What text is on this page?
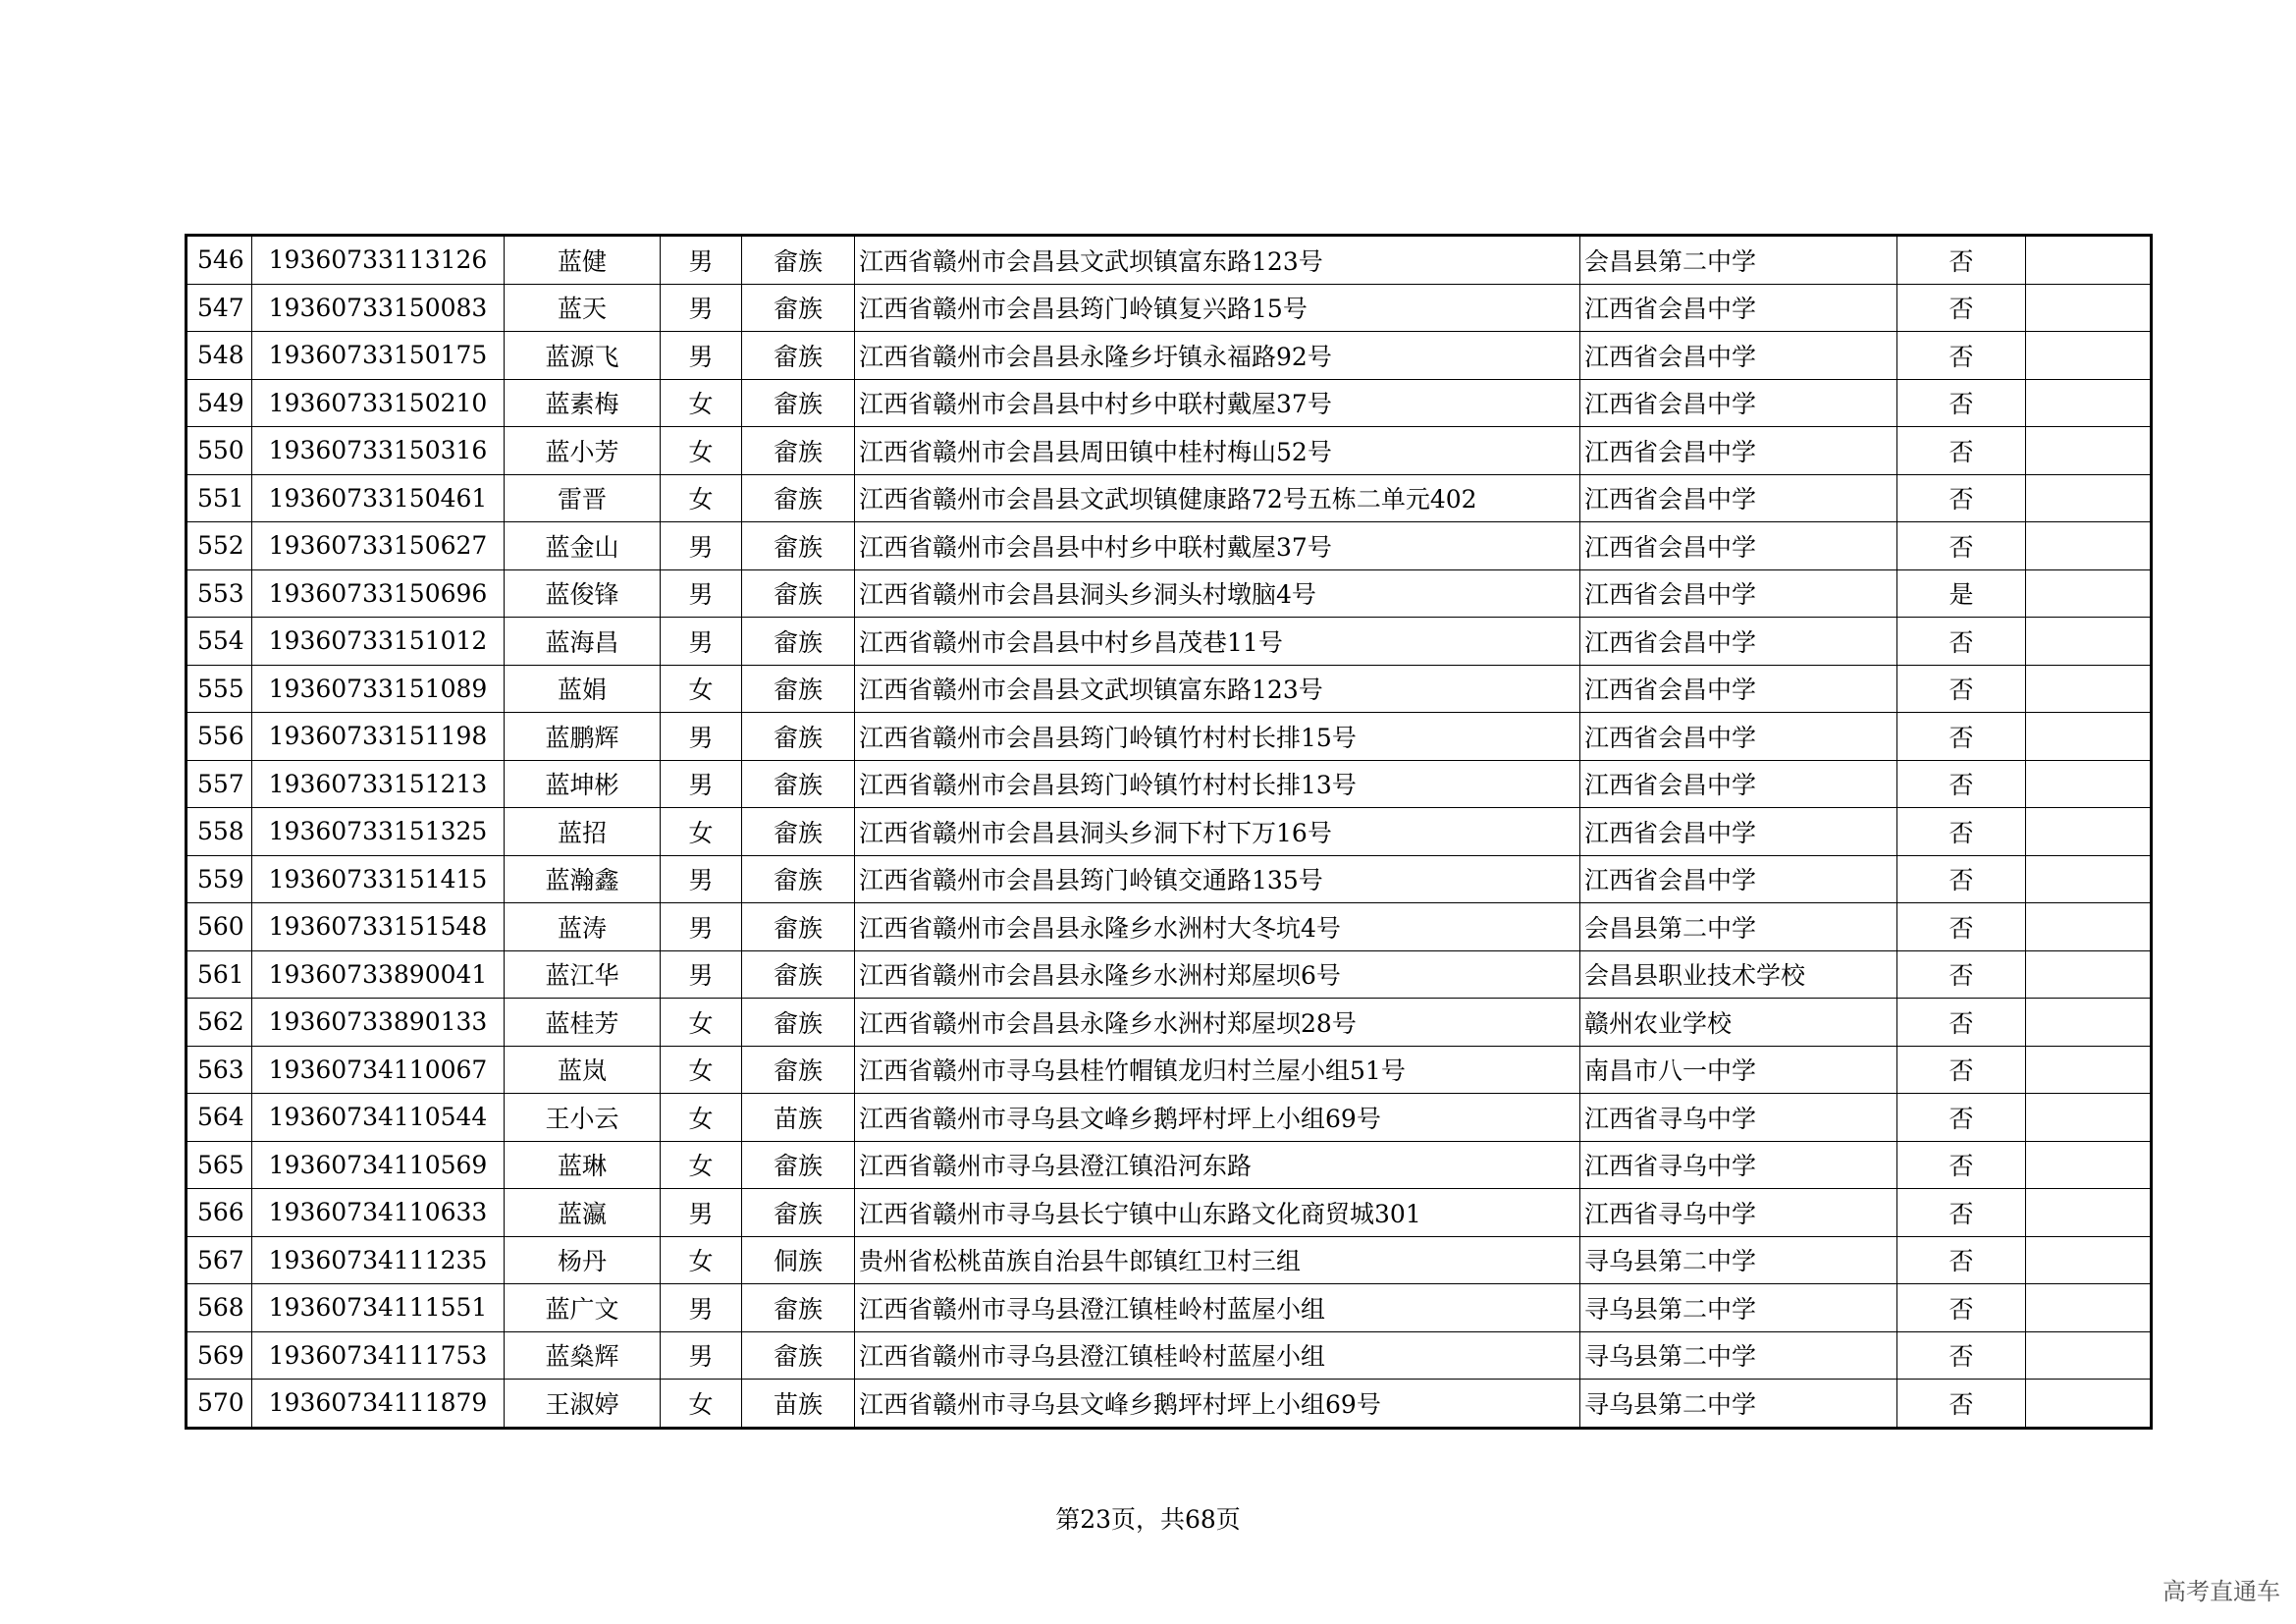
546	19360733113126	蓝健	男	畲族	江西省赣州市会昌县文武坝镇富东路123号	会昌县第二中学	否	
547	19360733150083	蓝天	男	畲族	江西省赣州市会昌县筠门岭镇复兴路15号	江西省会昌中学	否	
548	19360733150175	蓝源飞	男	畲族	江西省赣州市会昌县永隆乡圩镇永福路92号	江西省会昌中学	否	
549	19360733150210	蓝素梅	女	畲族	江西省赣州市会昌县中村乡中联村戴屋37号	江西省会昌中学	否	
550	19360733150316	蓝小芳	女	畲族	江西省赣州市会昌县周田镇中桂村梅山52号	江西省会昌中学	否	
551	19360733150461	雷晋	女	畲族	江西省赣州市会昌县文武坝镇健康路72号五栋二单元402	江西省会昌中学	否	
552	19360733150627	蓝金山	男	畲族	江西省赣州市会昌县中村乡中联村戴屋37号	江西省会昌中学	否	
553	19360733150696	蓝俊锋	男	畲族	江西省赣州市会昌县洞头乡洞头村墩脑4号	江西省会昌中学	是	
554	19360733151012	蓝海昌	男	畲族	江西省赣州市会昌县中村乡昌茂巷11号	江西省会昌中学	否	
555	19360733151089	蓝娟	女	畲族	江西省赣州市会昌县文武坝镇富东路123号	江西省会昌中学	否	
556	19360733151198	蓝鹏辉	男	畲族	江西省赣州市会昌县筠门岭镇竹村村长排15号	江西省会昌中学	否	
557	19360733151213	蓝坤彬	男	畲族	江西省赣州市会昌县筠门岭镇竹村村长排13号	江西省会昌中学	否	
558	19360733151325	蓝招	女	畲族	江西省赣州市会昌县洞头乡洞下村下万16号	江西省会昌中学	否	
559	19360733151415	蓝瀚鑫	男	畲族	江西省赣州市会昌县筠门岭镇交通路135号	江西省会昌中学	否	
560	19360733151548	蓝涛	男	畲族	江西省赣州市会昌县永隆乡水洲村大冬坑4号	会昌县第二中学	否	
561	19360733890041	蓝江华	男	畲族	江西省赣州市会昌县永隆乡水洲村郑屋坝6号	会昌县职业技术学校	否	
562	19360733890133	蓝桂芳	女	畲族	江西省赣州市会昌县永隆乡水洲村郑屋坝28号	赣州农业学校	否	
563	19360734110067	蓝岚	女	畲族	江西省赣州市寻乌县桂竹帽镇龙归村兰屋小组51号	南昌市八一中学	否	
564	19360734110544	王小云	女	苗族	江西省赣州市寻乌县文峰乡鹅坪村坪上小组69号	江西省寻乌中学	否	
565	19360734110569	蓝琳	女	畲族	江西省赣州市寻乌县澄江镇沿河东路	江西省寻乌中学	否	
566	19360734110633	蓝瀛	男	畲族	江西省赣州市寻乌县长宁镇中山东路文化商贸城301	江西省寻乌中学	否	
567	19360734111235	杨丹	女	侗族	贵州省松桃苗族自治县牛郎镇红卫村三组	寻乌县第二中学	否	
568	19360734111551	蓝广文	男	畲族	江西省赣州市寻乌县澄江镇桂岭村蓝屋小组	寻乌县第二中学	否	
569	19360734111753	蓝燊辉	男	畲族	江西省赣州市寻乌县澄江镇桂岭村蓝屋小组	寻乌县第二中学	否	
570	19360734111879	王淑婷	女	苗族	江西省赣州市寻乌县文峰乡鹅坪村坪上小组69号	寻乌县第二中学	否	
第23页，共68页
高考直通车
